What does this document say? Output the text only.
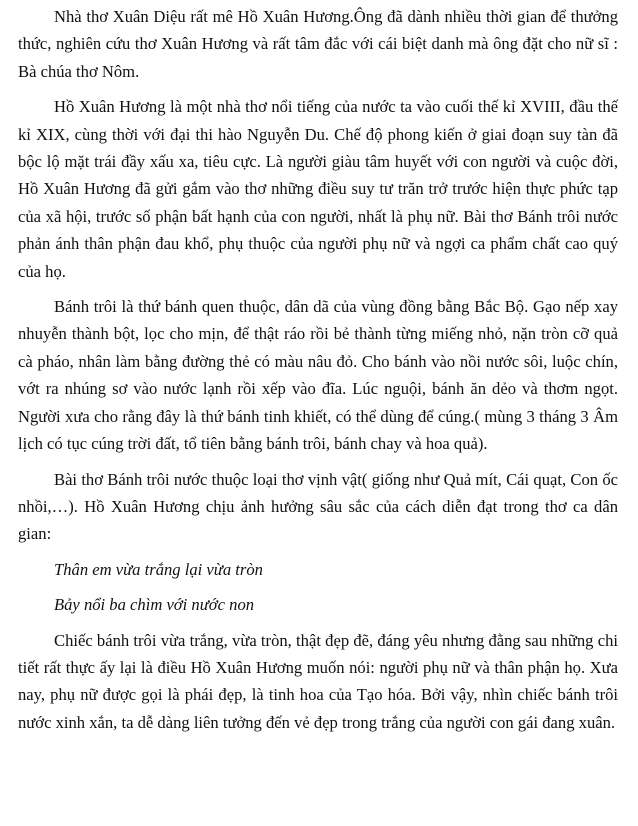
Nhà thơ Xuân Diệu rất mê Hồ Xuân Hương.Ông đã dành nhiều thời gian để thưởng thức, nghiên cứu thơ Xuân Hương và rất tâm đắc với cái biệt danh mà ông đặt cho nữ sĩ : Bà chúa thơ Nôm.

Hồ Xuân Hương là một nhà thơ nổi tiếng của nước ta vào cuối thế kỉ XVIII, đầu thế kỉ XIX, cùng thời với đại thi hào Nguyễn Du. Chế độ phong kiến ở giai đoạn suy tàn đã bộc lộ mặt trái đầy xấu xa, tiêu cực. Là người giàu tâm huyết với con người và cuộc đời, Hồ Xuân Hương đã gửi gắm vào thơ những điều suy tư trăn trở trước hiện thực phức tạp của xã hội, trước số phận bất hạnh của con người, nhất là phụ nữ. Bài thơ Bánh trôi nước phản ánh thân phận đau khổ, phụ thuộc của người phụ nữ và ngợi ca phẩm chất cao quý của họ.

Bánh trôi là thứ bánh quen thuộc, dân dã của vùng đồng bằng Bắc Bộ. Gạo nếp xay nhuyễn thành bột, lọc cho mịn, để thật ráo rồi bẻ thành từng miếng nhỏ, nặn tròn cỡ quả cà pháo, nhân làm bằng đường thẻ có màu nâu đỏ. Cho bánh vào nồi nước sôi, luộc chín, vớt ra nhúng sơ vào nước lạnh rồi xếp vào đĩa. Lúc nguội, bánh ăn dẻo và thơm ngọt. Người xưa cho rằng đây là thứ bánh tinh khiết, có thể dùng để cúng.( mùng 3 tháng 3 Âm lịch có tục cúng trời đất, tổ tiên bằng bánh trôi, bánh chay và hoa quả).

Bài thơ Bánh trôi nước thuộc loại thơ vịnh vật( giống như Quả mít, Cái quạt, Con ốc nhồi,…). Hồ Xuân Hương chịu ảnh hưởng sâu sắc của cách diễn đạt trong thơ ca dân gian:

Thân em vừa trắng lại vừa tròn

Bảy nổi ba chìm với nước non

Chiếc bánh trôi vừa trắng, vừa tròn, thật đẹp đẽ, đáng yêu nhưng đằng sau những chi tiết rất thực ấy lại là điều Hồ Xuân Hương muốn nói: người phụ nữ và thân phận họ. Xưa nay, phụ nữ được gọi là phái đẹp, là tinh hoa của Tạo hóa. Bởi vậy, nhìn chiếc bánh trôi nước xinh xắn, ta dễ dàng liên tưởng đến vẻ đẹp trong trắng của người con gái đang xuân.
